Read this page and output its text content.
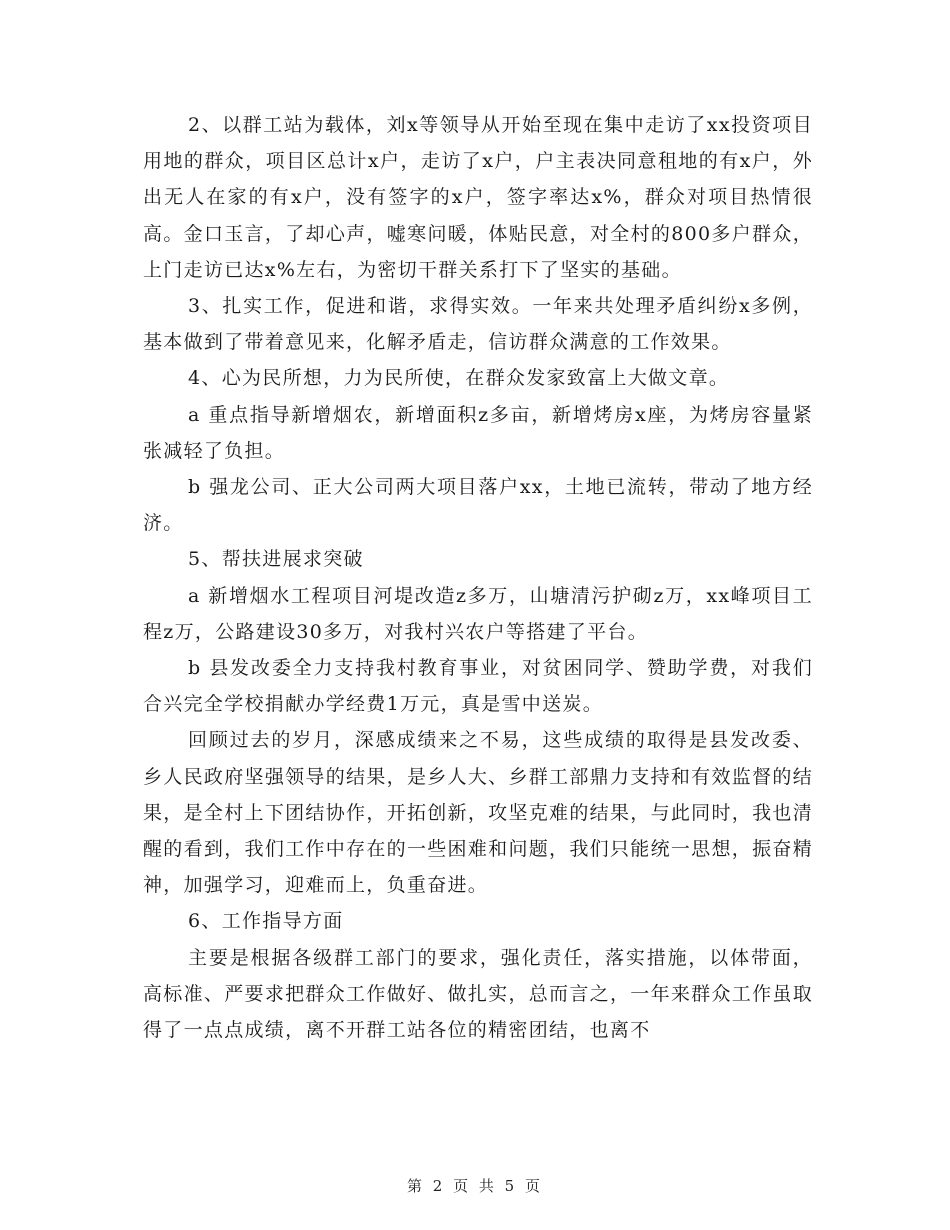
2、以群工站为载体，刘x等领导从开始至现在集中走访了xx投资项目用地的群众，项目区总计x户，走访了x户，户主表决同意租地的有x户，外出无人在家的有x户，没有签字的x户，签字率达x%，群众对项目热情很高。金口玉言，了却心声，嘘寒问暖，体贴民意，对全村的800多户群众，上门走访已达x%左右，为密切干群关系打下了坚实的基础。

3、扎实工作，促进和谐，求得实效。一年来共处理矛盾纠纷x多例，基本做到了带着意见来，化解矛盾走，信访群众满意的工作效果。

4、心为民所想，力为民所使，在群众发家致富上大做文章。

a 重点指导新增烟农，新增面积z多亩，新增烤房x座，为烤房容量紧张减轻了负担。

b 强龙公司、正大公司两大项目落户xx，土地已流转，带动了地方经济。

5、帮扶进展求突破

a 新增烟水工程项目河堤改造z多万，山塘清污护砌z万，xx峰项目工程z万，公路建设30多万，对我村兴农户等搭建了平台。

b 县发改委全力支持我村教育事业，对贫困同学、赞助学费，对我们合兴完全学校捐献办学经费1万元，真是雪中送炭。

回顾过去的岁月，深感成绩来之不易，这些成绩的取得是县发改委、乡人民政府坚强领导的结果，是乡人大、乡群工部鼎力支持和有效监督的结果，是全村上下团结协作，开拓创新，攻坚克难的结果，与此同时，我也清醒的看到，我们工作中存在的一些困难和问题，我们只能统一思想，振奋精神，加强学习，迎难而上，负重奋进。

6、工作指导方面

主要是根据各级群工部门的要求，强化责任，落实措施，以体带面，高标准、严要求把群众工作做好、做扎实，总而言之，一年来群众工作虽取得了一点点成绩，离不开群工站各位的精密团结，也离不

第 2 页 共 5 页
